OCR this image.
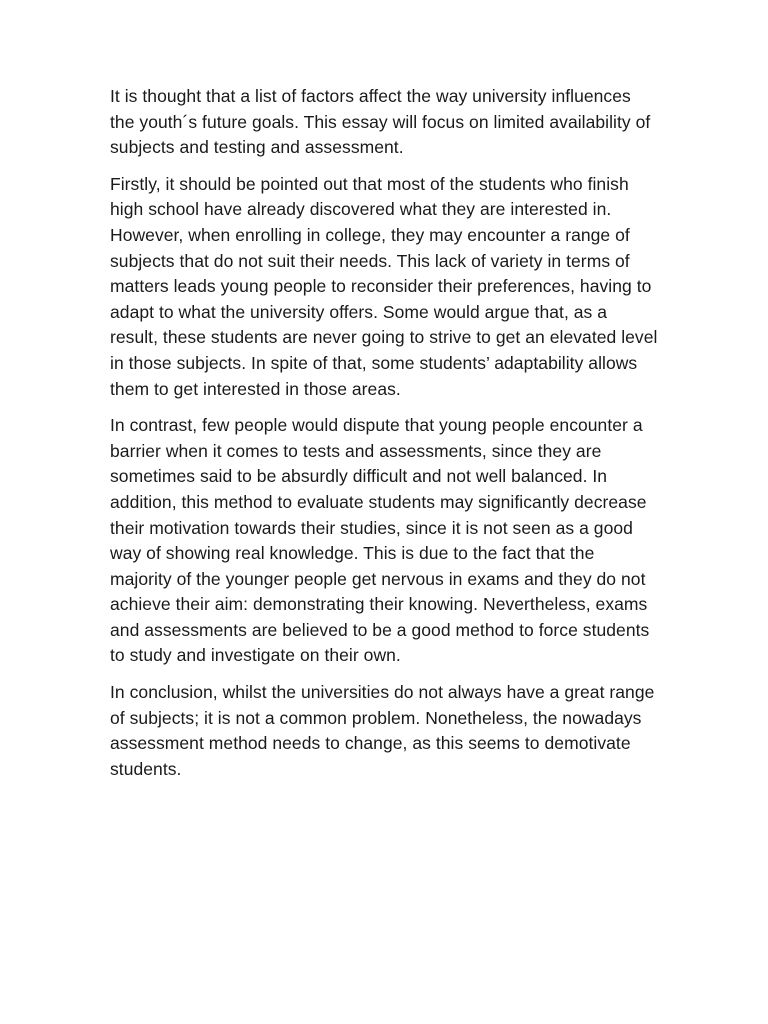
It is thought that a list of factors affect the way university influences the youth´s future goals. This essay will focus on limited availability of subjects and testing and assessment.

Firstly, it should be pointed out that most of the students who finish high school have already discovered what they are interested in. However, when enrolling in college, they may encounter a range of subjects that do not suit their needs. This lack of variety in terms of matters leads young people to reconsider their preferences, having to adapt to what the university offers. Some would argue that, as a result, these students are never going to strive to get an elevated level in those subjects. In spite of that, some students’ adaptability allows them to get interested in those areas.

In contrast, few people would dispute that young people encounter a barrier when it comes to tests and assessments, since they are sometimes said to be absurdly difficult and not well balanced. In addition, this method to evaluate students may significantly decrease their motivation towards their studies, since it is not seen as a good way of showing real knowledge. This is due to the fact that the majority of the younger people get nervous in exams and they do not achieve their aim: demonstrating their knowing. Nevertheless, exams and assessments are believed to be a good method to force students to study and investigate on their own.

In conclusion, whilst the universities do not always have a great range of subjects; it is not a common problem. Nonetheless, the nowadays assessment method needs to change, as this seems to demotivate students.
